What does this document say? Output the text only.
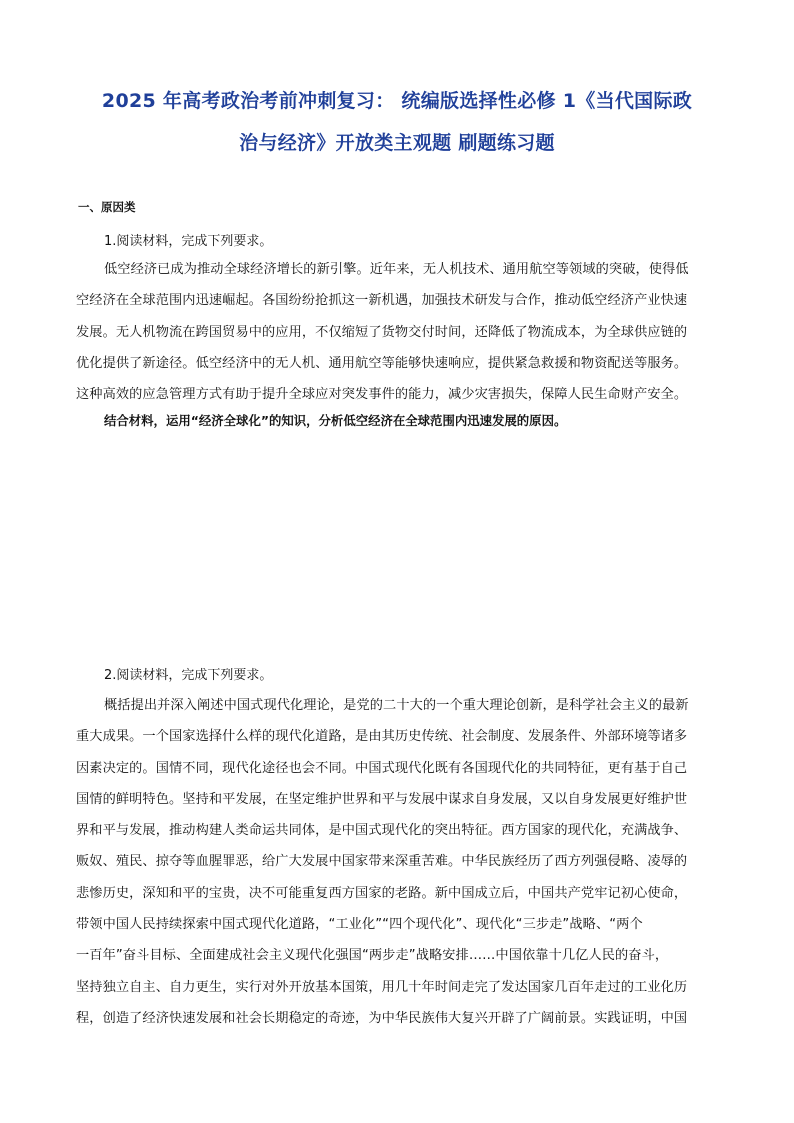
2025 年高考政治考前冲刺复习： 统编版选择性必修 1《当代国际政
治与经济》开放类主观题 刷题练习题
一、原因类
1.阅读材料，完成下列要求。
低空经济已成为推动全球经济增长的新引擎。近年来，无人机技术、通用航空等领域的突破，使得低
空经济在全球范围内迅速崛起。各国纷纷抢抓这一新机遇，加强技术研发与合作，推动低空经济产业快速
发展。无人机物流在跨国贸易中的应用，不仅缩短了货物交付时间，还降低了物流成本，为全球供应链的
优化提供了新途径。低空经济中的无人机、通用航空等能够快速响应，提供紧急救援和物资配送等服务。
这种高效的应急管理方式有助于提升全球应对突发事件的能力，减少灾害损失，保障人民生命财产安全。
结合材料，运用“经济全球化”的知识，分析低空经济在全球范围内迅速发展的原因。
2.阅读材料，完成下列要求。
概括提出并深入阐述中国式现代化理论，是党的二十大的一个重大理论创新，是科学社会主义的最新
重大成果。一个国家选择什么样的现代化道路，是由其历史传统、社会制度、发展条件、外部环境等诸多
因素决定的。国情不同，现代化途径也会不同。中国式现代化既有各国现代化的共同特征，更有基于自己
国情的鲜明特色。坚持和平发展，在坚定维护世界和平与发展中谋求自身发展，又以自身发展更好维护世
界和平与发展，推动构建人类命运共同体，是中国式现代化的突出特征。西方国家的现代化，充满战争、
贩奴、殖民、掠夺等血腥罪恶，给广大发展中国家带来深重苦难。中华民族经历了西方列强侵略、凌辱的
悲惨历史，深知和平的宝贵，决不可能重复西方国家的老路。新中国成立后，中国共产党牢记初心使命，
带领中国人民持续探索中国式现代化道路，“工业化”“四个现代化”、现代化“三步走”战略、“两个
一百年”奋斗目标、全面建成社会主义现代化强国“两步走”战略安排……中国依靠十几亿人民的奋斗，
坚持独立自主、自力更生，实行对外开放基本国策，用几十年时间走完了发达国家几百年走过的工业化历
程，创造了经济快速发展和社会长期稳定的奇迹，为中华民族伟大复兴开辟了广阔前景。实践证明，中国
